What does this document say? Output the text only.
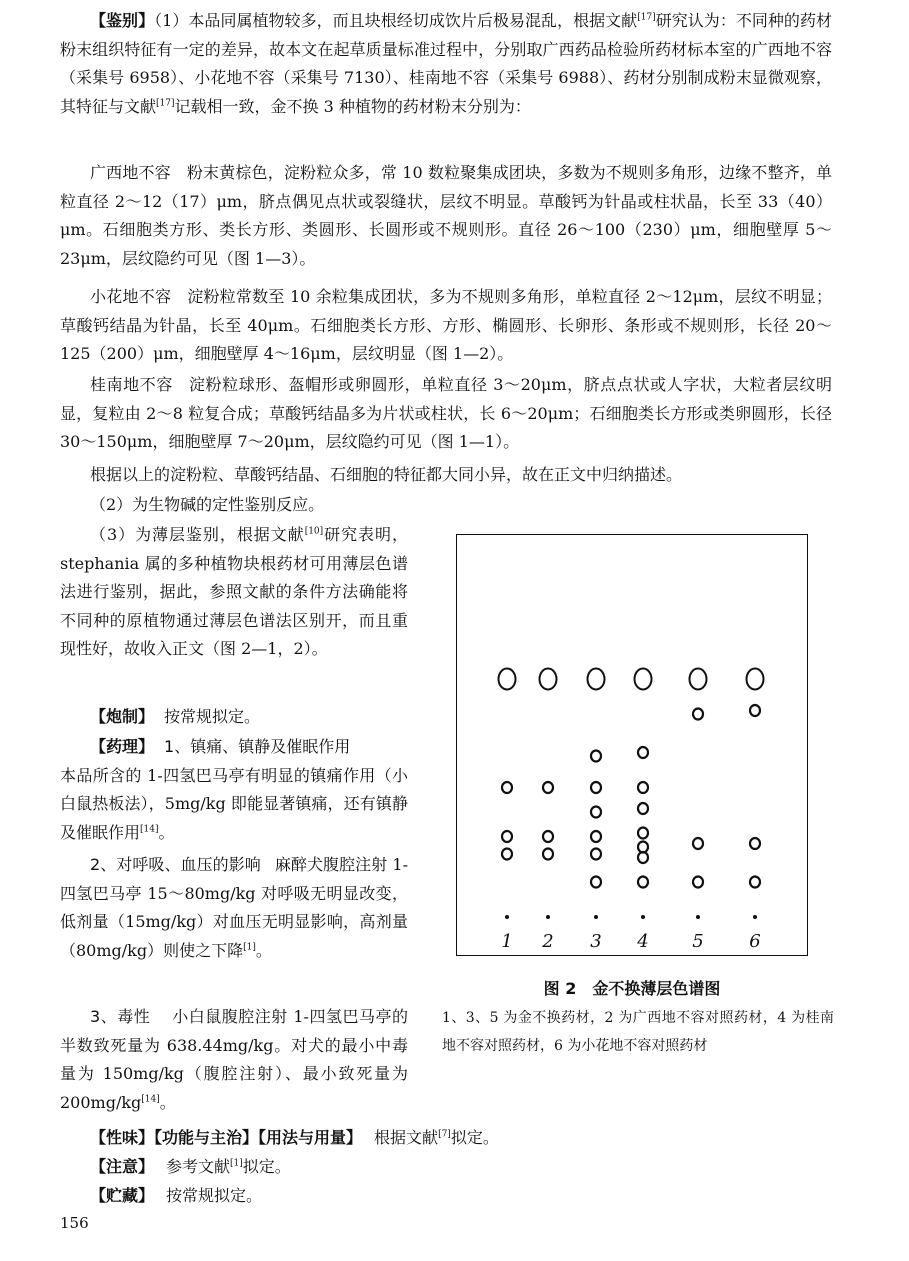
【鉴别】（1）本品同属植物较多，而且块根经切成饮片后极易混乱，根据文献[17]研究认为：不同种的药材粉末组织特征有一定的差异，故本文在起草质量标准过程中，分别取广西药品检验所药材标本室的广西地不容（采集号 6958）、小花地不容（采集号 7130）、桂南地不容（采集号 6988）、药材分别制成粉末显微观察，其特征与文献[17]记载相一致，金不换 3 种植物的药材粉末分别为：

广西地不容 粉末黄棕色，淀粉粒众多，常 10 数粒聚集成团块，多数为不规则多角形，边缘不整齐，单粒直径 2～12（17）μm，脐点偶见点状或裂缝状，层纹不明显。草酸钙为针晶或柱状晶，长至 33（40）μm。石细胞类方形、类长方形、类圆形、长圆形或不规则形。直径 26～100（230）μm，细胞壁厚 5～23μm，层纹隐约可见（图 1—3）。

小花地不容 淀粉粒常数至 10 余粒集成团状，多为不规则多角形，单粒直径 2～12μm，层纹不明显；草酸钙结晶为针晶，长至 40μm。石细胞类长方形、方形、椭圆形、长卵形、条形或不规则形，长径 20～125（200）μm，细胞壁厚 4～16μm，层纹明显（图 1—2）。

桂南地不容 淀粉粒球形、盔帽形或卵圆形，单粒直径 3～20μm，脐点点状或人字状，大粒者层纹明显，复粒由 2～8 粒复合成；草酸钙结晶多为片状或柱状，长 6～20μm；石细胞类长方形或类卵圆形，长径 30～150μm，细胞壁厚 7～20μm，层纹隐约可见（图 1—1）。

根据以上的淀粉粒、草酸钙结晶、石细胞的特征都大同小异，故在正文中归纳描述。

（2）为生物碱的定性鉴别反应。

（3）为薄层鉴别，根据文献[10]研究表明，stephania 属的多种植物块根药材可用薄层色谱法进行鉴别，据此，参照文献的条件方法确能将不同种的原植物通过薄层色谱法区别开，而且重现性好，故收入正文（图 2—1，2）。

【炮制】 按常规拟定。

【药理】 1、镇痛、镇静及催眠作用
本品所含的 1-四氢巴马亭有明显的镇痛作用（小白鼠热板法），5mg/kg 即能显著镇痛，还有镇静及催眠作用[14]。

2、对呼吸、血压的影响 麻醉犬腹腔注射 1-四氢巴马亭 15～80mg/kg 对呼吸无明显改变，低剂量（15mg/kg）对血压无明显影响，高剂量（80mg/kg）则使之下降[1]。

3、毒性 小白鼠腹腔注射 1-四氢巴马亭的半数致死量为 638.44mg/kg。对犬的最小中毒量为 150mg/kg（腹腔注射）、最小致死量为 200mg/kg[14]。

【性味】【功能与主治】【用法与用量】 根据文献[7]拟定。

【注意】 参考文献[1]拟定。

【贮藏】 按常规拟定。

1 2 3 4 5	6
图 2　金不换薄层色谱图
1、3、5 为金不换药材，2 为广西地不容对照药材，4 为桂南地不容对照药材，6 为小花地不容对照药材
156
